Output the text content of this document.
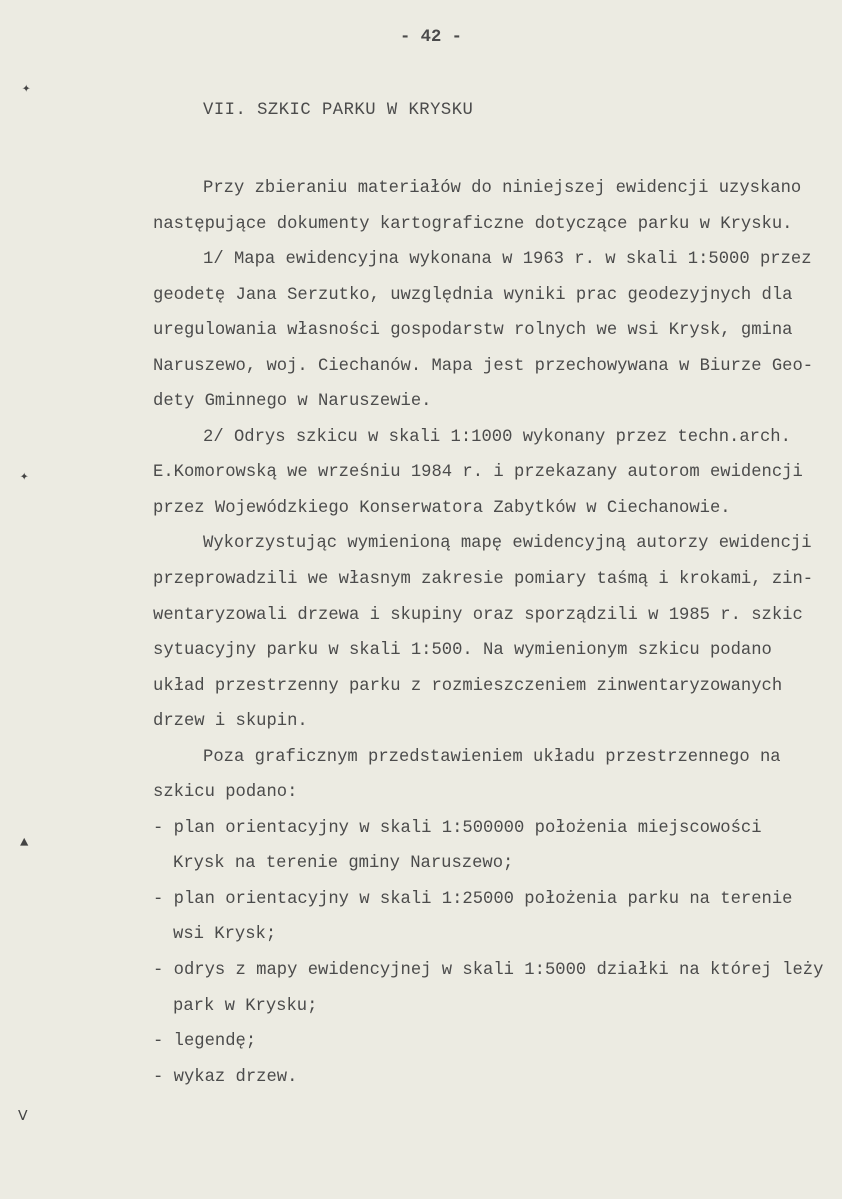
- 42 -
VII. SZKIC PARKU W KRYSKU
✦
✦
▲
ᐯ
Przy zbieraniu materiałów do niniejszej ewidencji uzyskano
następujące dokumenty kartograficzne dotyczące parku w Krysku.
1/ Mapa ewidencyjna wykonana w 1963 r. w skali 1:5000 przez
geodetę Jana Serzutko, uwzględnia wyniki prac geodezyjnych dla
uregulowania własności gospodarstw rolnych we wsi Krysk, gmina
Naruszewo, woj. Ciechanów. Mapa jest przechowywana w Biurze Geo-
dety Gminnego w Naruszewie.
2/ Odrys szkicu w skali 1:1000 wykonany przez techn.arch.
E.Komorowską we wrześniu 1984 r. i przekazany autorom ewidencji
przez Wojewódzkiego Konserwatora Zabytków w Ciechanowie.
Wykorzystując wymienioną mapę ewidencyjną autorzy ewidencji
przeprowadzili we własnym zakresie pomiary taśmą i krokami, zin-
wentaryzowali drzewa i skupiny oraz sporządzili w 1985 r. szkic
sytuacyjny parku w skali 1:500. Na wymienionym szkicu podano
układ przestrzenny parku z rozmieszczeniem zinwentaryzowanych
drzew i skupin.
Poza graficznym przedstawieniem układu przestrzennego na
szkicu podano:
- plan orientacyjny w skali 1:500000 położenia miejscowości
Krysk na terenie gminy Naruszewo;
- plan orientacyjny w skali 1:25000 położenia parku na terenie
wsi Krysk;
- odrys z mapy ewidencyjnej w skali 1:5000 działki na której leży
park w Krysku;
- legendę;
- wykaz drzew.
